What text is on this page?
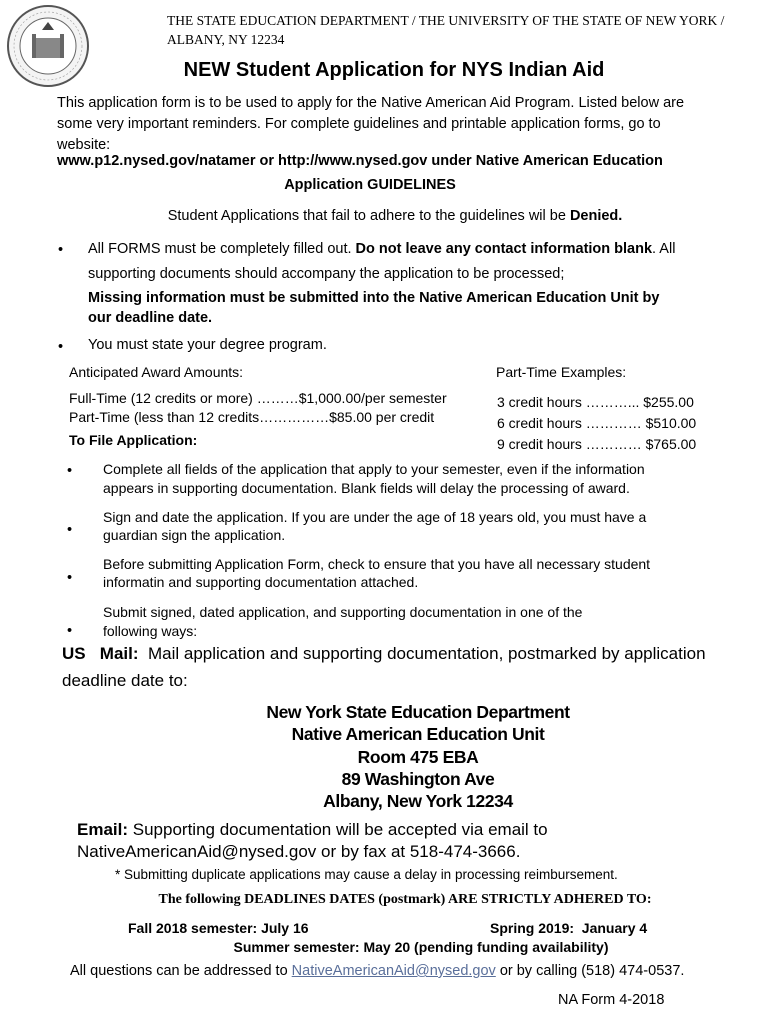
THE STATE EDUCATION DEPARTMENT / THE UNIVERSITY OF THE STATE OF NEW YORK /
ALBANY, NY 12234
NEW Student Application for NYS Indian Aid
This application form is to be used to apply for the Native American Aid Program. Listed below are
some very important reminders. For complete guidelines and printable application forms, go to
website:
www.p12.nysed.gov/natamer or http://www.nysed.gov under Native American Education
Application GUIDELINES
Student Applications that fail to adhere to the guidelines wil be Denied.
• All FORMS must be completely filled out. Do not leave any contact information blank. All
supporting documents should accompany the application to be processed;
Missing information must be submitted into the Native American Education Unit by
our deadline date.
• You must state your degree program.
Anticipated Award Amounts:
Full-Time (12 credits or more) ………$1,000.00/per semester
Part-Time (less than 12 credits……………$85.00 per credit
To File Application:
Part-Time Examples:
3 credit hours ………... $255.00
6 credit hours ………… $510.00
9 credit hours ………… $765.00
• Complete all fields of the application that apply to your semester, even if the information
appears in supporting documentation. Blank fields will delay the processing of award.
•
Sign and date the application. If you are under the age of 18 years old, you must have a
guardian sign the application.
•
Before submitting Application Form, check to ensure that you have all necessary student
informatin and supporting documentation attached.
•
Submit signed, dated application, and supporting documentation in one of the
following ways:
US   Mail: Mail application and supporting documentation, postmarked by application
deadline date to:
New York State Education Department
Native American Education Unit
Room 475 EBA
89 Washington Ave
Albany, New York 12234
Email: Supporting documentation will be accepted via email to
NativeAmericanAid@nysed.gov or by fax at 518-474-3666.
* Submitting duplicate applications may cause a delay in processing reimbursement.
The following DEADLINES DATES (postmark) ARE STRICTLY ADHERED TO:
Fall 2018 semester: July 16	Spring 2019:  January 4
Summer semester: May 20 (pending funding availability)
All questions can be addressed to NativeAmericanAid@nysed.gov or by calling (518) 474-0537.
NA Form 4-2018
